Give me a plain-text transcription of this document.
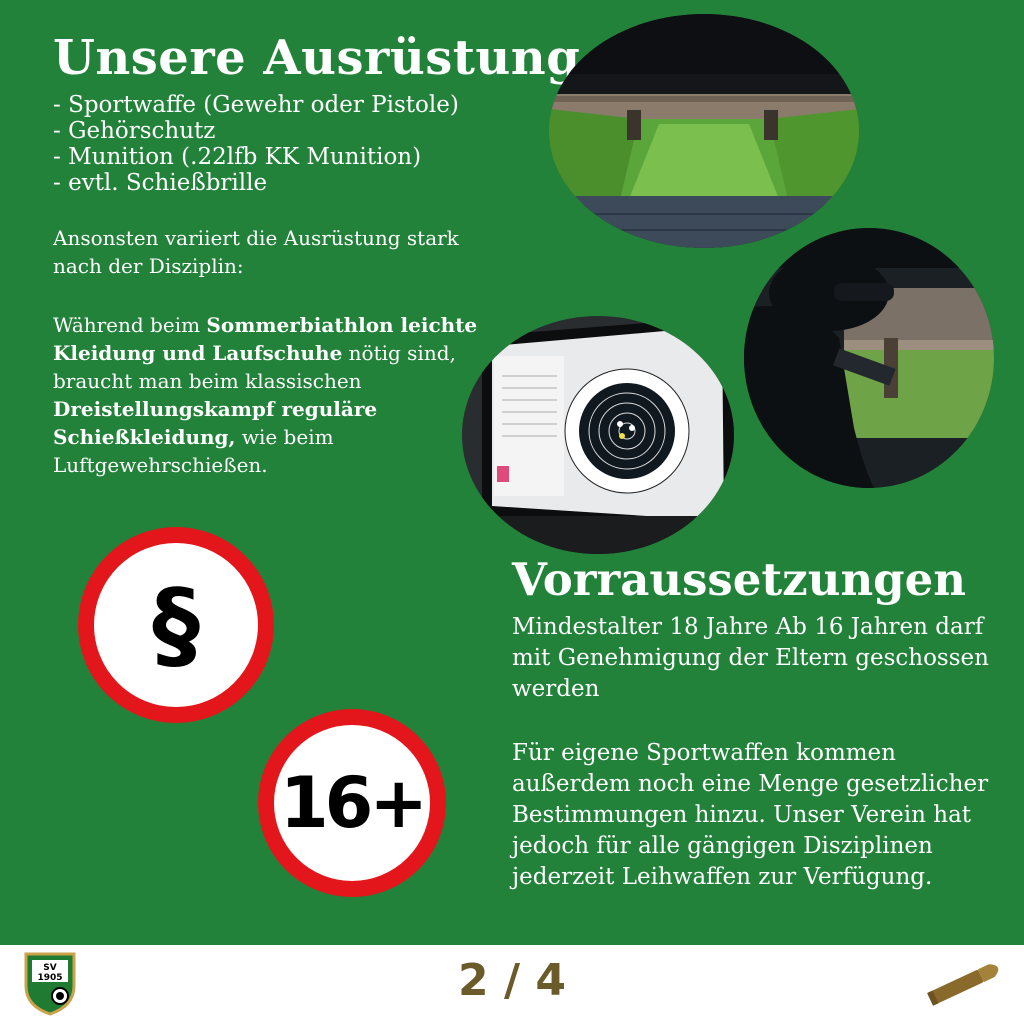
Unsere Ausrüstung
- Sportwaffe (Gewehr oder Pistole)
- Gehörschutz
- Munition (.22lfb KK Munition)
- evtl. Schießbrille
Ansonsten variiert die Ausrüstung stark nach der Disziplin:
Während beim Sommerbiathlon leichte Kleidung und Laufschuhe nötig sind, braucht man beim klassischen Dreistellungskampf reguläre Schießkleidung, wie beim Luftgewehrschießen.
§
16+
Vorraussetzungen
Mindestalter 18 Jahre Ab 16 Jahren darf mit Genehmigung der Eltern geschossen werden
Für eigene Sportwaffen kommen außerdem noch eine Menge gesetzlicher Bestimmungen hinzu. Unser Verein hat jedoch für alle gängigen Disziplinen jederzeit Leihwaffen zur Verfügung.
SV
1905	2 / 4
